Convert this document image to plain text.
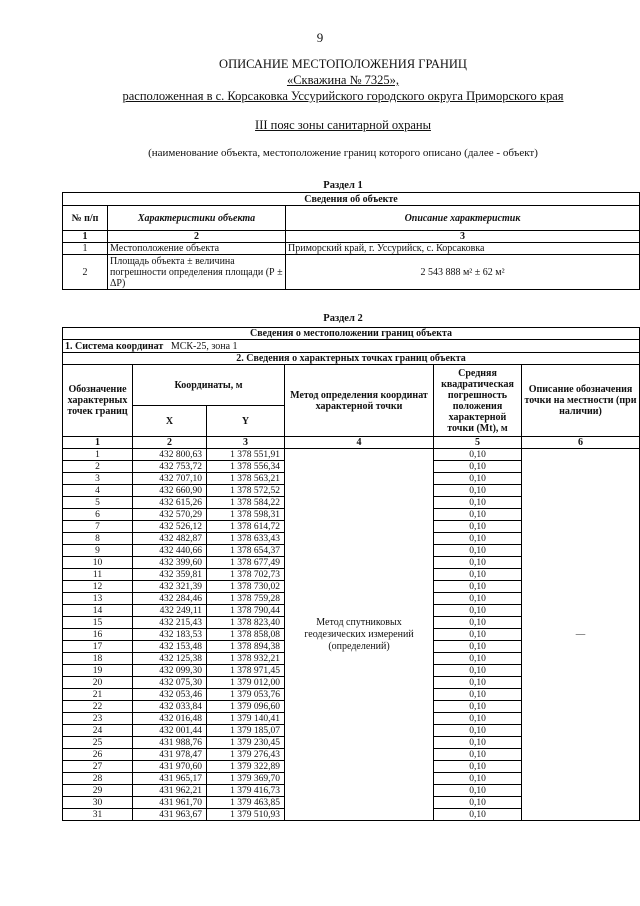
9
ОПИСАНИЕ МЕСТОПОЛОЖЕНИЯ ГРАНИЦ
«Скважина № 7325»,
расположенная в с. Корсаковка Уссурийского городского округа Приморского края
III пояс зоны санитарной охраны
(наименование объекта, местоположение границ которого описано (далее - объект)
Раздел 1
Сведения об объекте		
№ п/п	Характеристики объекта	Описание характеристик
1	2	3
1	Местоположение объекта	Приморский край, г. Уссурийск, с. Корсаковка
2	Площадь объекта ± величина погрешности определения площади (Р ± ΔР)	2 543 888 м² ± 62 м²
Раздел 2
Сведения о местоположении границ объекта					
1. Система координат МСК-25, зона 1					
2. Сведения о характерных точках границ объекта					
Обозначение характерных точек границ	Координаты, м		Метод определения координат характерной точки	Средняя квадратическая погрешность положения характерной точки (Mt), м	Описание обозначения точки на местности (при наличии)
	X	Y			
1	2	3	4	5	6
1	432 800,63	1 378 551,91	Метод спутниковых геодезических измерений (определений)	0,10	—
2	432 753,72	1 378 556,34		0,10	
3	432 707,10	1 378 563,21		0,10	
4	432 660,90	1 378 572,52		0,10	
5	432 615,26	1 378 584,22		0,10	
6	432 570,29	1 378 598,31		0,10	
7	432 526,12	1 378 614,72		0,10	
8	432 482,87	1 378 633,43		0,10	
9	432 440,66	1 378 654,37		0,10	
10	432 399,60	1 378 677,49		0,10	
11	432 359,81	1 378 702,73		0,10	
12	432 321,39	1 378 730,02		0,10	
13	432 284,46	1 378 759,28		0,10	
14	432 249,11	1 378 790,44		0,10	
15	432 215,43	1 378 823,40		0,10	
16	432 183,53	1 378 858,08		0,10	
17	432 153,48	1 378 894,38		0,10	
18	432 125,38	1 378 932,21		0,10	
19	432 099,30	1 378 971,45		0,10	
20	432 075,30	1 379 012,00		0,10	
21	432 053,46	1 379 053,76		0,10	
22	432 033,84	1 379 096,60		0,10	
23	432 016,48	1 379 140,41		0,10	
24	432 001,44	1 379 185,07		0,10	
25	431 988,76	1 379 230,45		0,10	
26	431 978,47	1 379 276,43		0,10	
27	431 970,60	1 379 322,89		0,10	
28	431 965,17	1 379 369,70		0,10	
29	431 962,21	1 379 416,73		0,10	
30	431 961,70	1 379 463,85		0,10	
31	431 963,67	1 379 510,93		0,10	
